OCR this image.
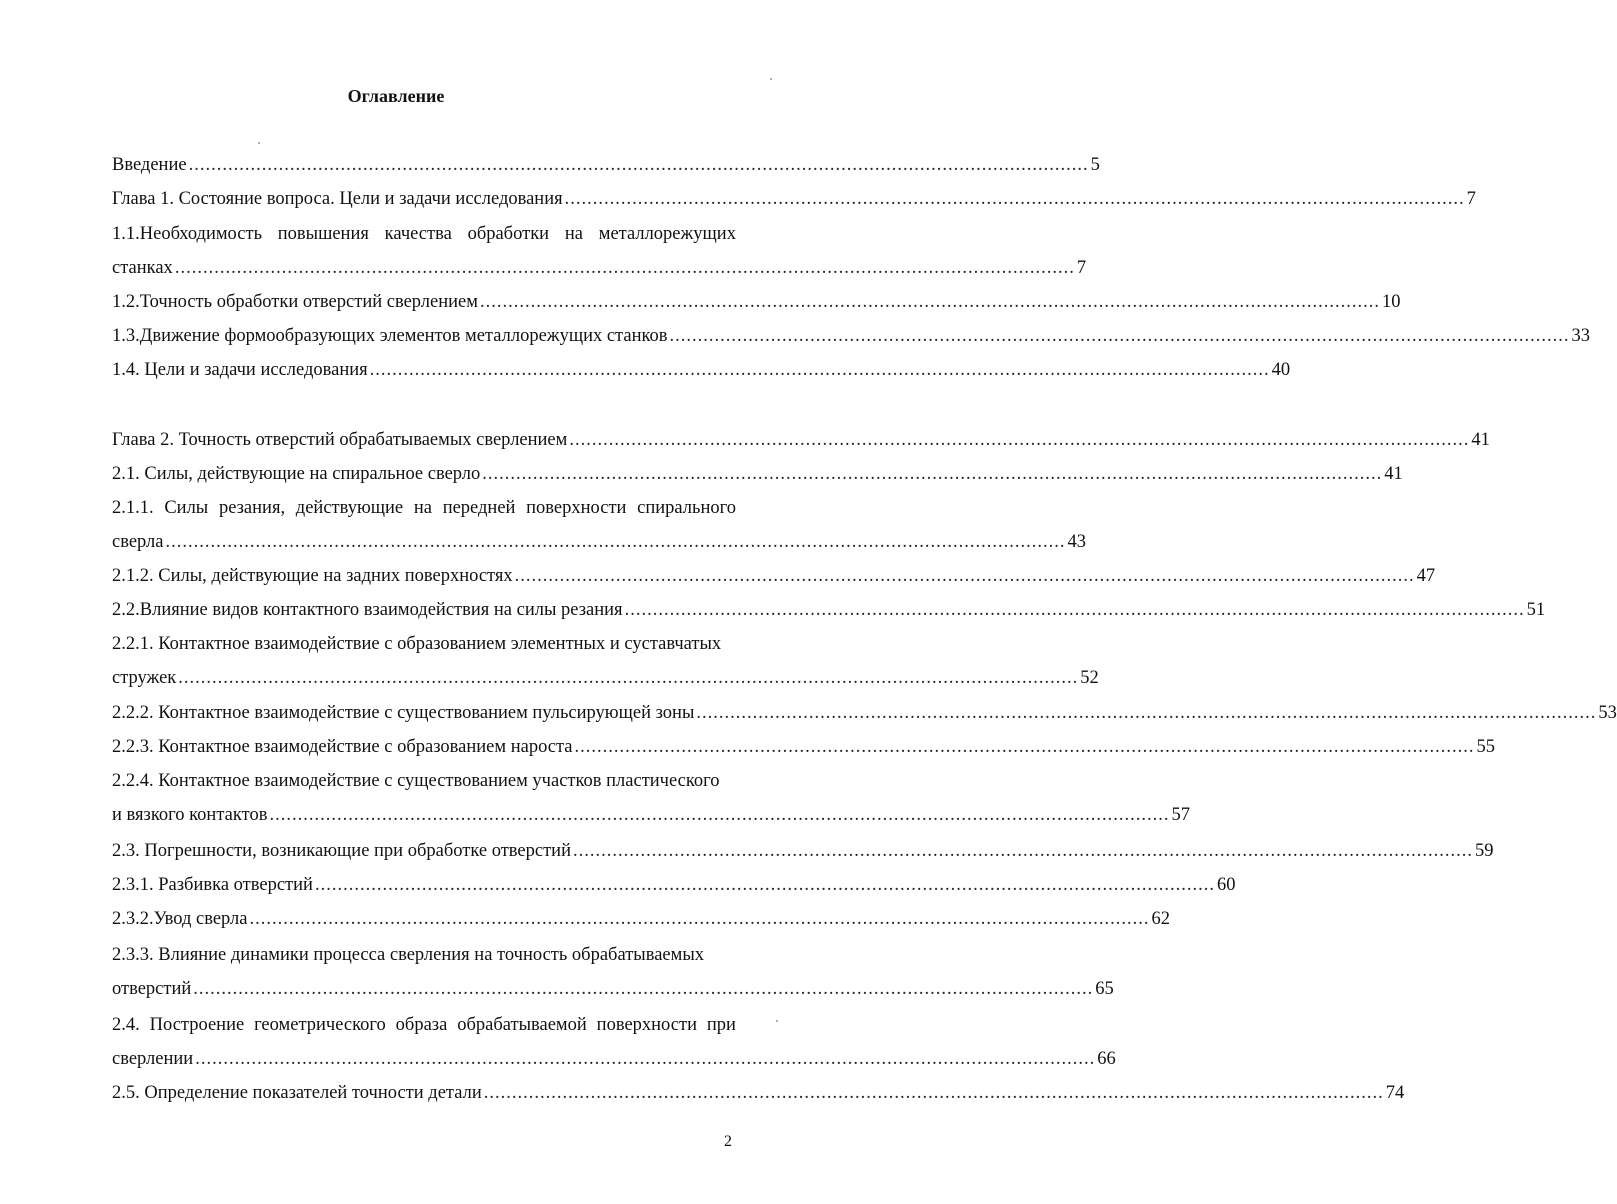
Оглавление
Введение ................................................................................................................................................................ 5
Глава 1. Состояние вопроса. Цели и задачи исследования ................................................................................................................................................................ 7
1.1.Необходимость повышения качества обработки на металлорежущих
станках ................................................................................................................................................................ 7
1.2.Точность обработки отверстий сверлением ................................................................................................................................................................ 10
1.3.Движение формообразующих элементов металлорежущих станков ................................................................................................................................................................ 33
1.4. Цели и задачи исследования ................................................................................................................................................................ 40
Глава 2. Точность отверстий обрабатываемых сверлением ................................................................................................................................................................ 41
2.1. Силы, действующие на спиральное сверло ................................................................................................................................................................ 41
2.1.1. Силы резания, действующие на передней поверхности спирального
сверла ................................................................................................................................................................ 43
2.1.2. Силы, действующие на задних поверхностях ................................................................................................................................................................ 47
2.2.Влияние видов контактного взаимодействия на силы резания ................................................................................................................................................................ 51
2.2.1. Контактное взаимодействие с образованием элементных и суставчатых
стружек ................................................................................................................................................................ 52
2.2.2. Контактное взаимодействие с существованием пульсирующей зоны ................................................................................................................................................................ 53
2.2.3. Контактное взаимодействие с образованием нароста ................................................................................................................................................................ 55
2.2.4. Контактное взаимодействие с существованием участков пластического
и вязкого контактов ................................................................................................................................................................ 57
2.3. Погрешности, возникающие при обработке отверстий ................................................................................................................................................................ 59
2.3.1. Разбивка отверстий ................................................................................................................................................................ 60
2.3.2.Увод сверла ................................................................................................................................................................ 62
2.3.3. Влияние динамики процесса сверления на точность обрабатываемых
отверстий ................................................................................................................................................................ 65
2.4. Построение геометрического образа обрабатываемой поверхности при
сверлении ................................................................................................................................................................ 66
2.5. Определение показателей точности детали ................................................................................................................................................................ 74
2
